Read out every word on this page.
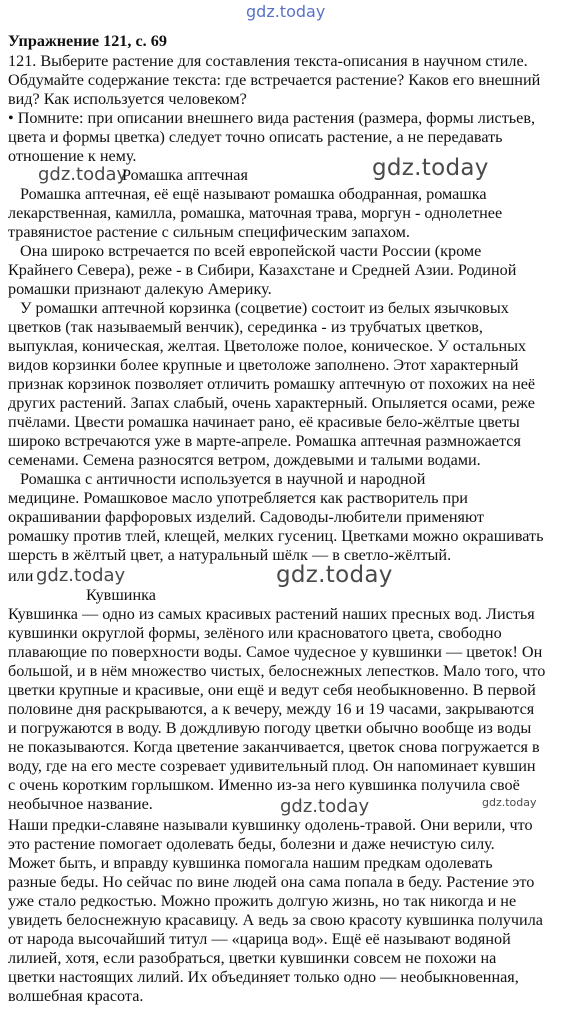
gdz.today
Упражнение 121, с. 69
121. Выберите растение для составления текста-описания в научном стиле.
Обдумайте содержание текста: где встречается растение? Каков его внешний
вид? Как используется человеком?
• Помните: при описании внешнего вида растения (размера, формы листьев,
цвета и формы цветка) следует точно описать растение, а не передавать
отношение к нему.
gdz.today
Ромашка аптечная	gdz.today
Ромашка аптечная, её ещё называют ромашка ободранная, ромашка
лекарственная, камилла, ромашка, маточная трава, моргун - однолетнее
травянистое растение с сильным специфическим запахом.
Она широко встречается по всей европейской части России (кроме
Крайнего Севера), реже - в Сибири, Казахстане и Средней Азии. Родиной
ромашки признают далекую Америку.
У ромашки аптечной корзинка (соцветие) состоит из белых язычковых
цветков (так называемый венчик), серединка - из трубчатых цветков,
выпуклая, коническая, желтая. Цветоложе полое, коническое. У остальных
видов корзинки более крупные и цветоложе заполнено. Этот характерный
признак корзинок позволяет отличить ромашку аптечную от похожих на неё
других растений. Запах слабый, очень характерный. Опыляется осами, реже
пчёлами. Цвести ромашка начинает рано, её красивые бело-жёлтые цветы
широко встречаются уже в марте-апреле. Ромашка аптечная размножается
семенами. Семена разносятся ветром, дождевыми и талыми водами.
Ромашка с античности используется в научной и народной
медицине. Ромашковое масло употребляется как растворитель при
окрашивании фарфоровых изделий. Садоводы-любители применяют
ромашку против тлей, клещей, мелких гусениц. Цветками можно окрашивать
шерсть в жёлтый цвет, а натуральный шёлк — в светло-жёлтый.
или gdz.today	gdz.today
Кувшинка
Кувшинка — одно из самых красивых растений наших пресных вод. Листья
кувшинки округлой формы, зелёного или красноватого цвета, свободно
плавающие по поверхности воды. Самое чудесное у кувшинки — цветок! Он
большой, и в нём множество чистых, белоснежных лепестков. Мало того, что
цветки крупные и красивые, они ещё и ведут себя необыкновенно. В первой
половине дня раскрываются, а к вечеру, между 16 и 19 часами, закрываются
и погружаются в воду. В дождливую погоду цветки обычно вообще из воды
не показываются. Когда цветение заканчивается, цветок снова погружается в
воду, где на его месте созревает удивительный плод. Он напоминает кувшин
с очень коротким горлышком. Именно из-за него кувшинка получила своё
необычное название.	gdz.today	gdz.today
Наши предки-славяне называли кувшинку одолень-травой. Они верили, что
это растение помогает одолевать беды, болезни и даже нечистую силу.
Может быть, и вправду кувшинка помогала нашим предкам одолевать
разные беды. Но сейчас по вине людей она сама попала в беду. Растение это
уже стало редкостью. Можно прожить долгую жизнь, но так никогда и не
увидеть белоснежную красавицу. А ведь за свою красоту кувшинка получила
от народа высочайший титул — «царица вод». Ещё её называют водяной
лилией, хотя, если разобраться, цветки кувшинки совсем не похожи на
цветки настоящих лилий. Их объединяет только одно — необыкновенная,
волшебная красота.
